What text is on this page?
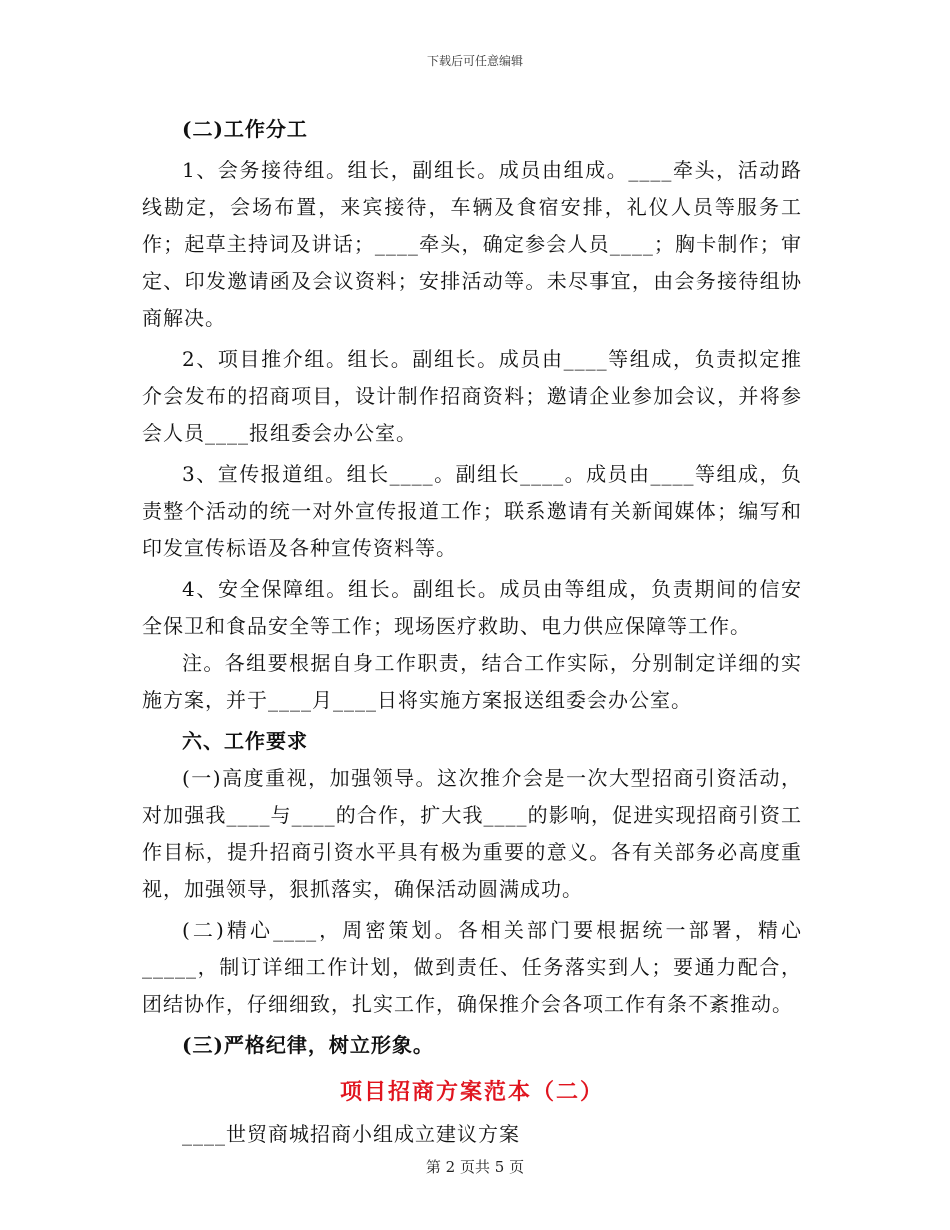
下载后可任意编辑

(二)工作分工

1、会务接待组。组长，副组长。成员由组成。____牵头，活动路线勘定，会场布置，来宾接待，车辆及食宿安排，礼仪人员等服务工作；起草主持词及讲话；____牵头，确定参会人员____；胸卡制作；审定、印发邀请函及会议资料；安排活动等。未尽事宜，由会务接待组协商解决。

2、项目推介组。组长。副组长。成员由____等组成，负责拟定推介会发布的招商项目，设计制作招商资料；邀请企业参加会议，并将参会人员____报组委会办公室。

3、宣传报道组。组长____。副组长____。成员由____等组成，负责整个活动的统一对外宣传报道工作；联系邀请有关新闻媒体；编写和印发宣传标语及各种宣传资料等。

4、安全保障组。组长。副组长。成员由等组成，负责期间的信安全保卫和食品安全等工作；现场医疗救助、电力供应保障等工作。

注。各组要根据自身工作职责，结合工作实际，分别制定详细的实施方案，并于____月____日将实施方案报送组委会办公室。

六、工作要求

(一)高度重视，加强领导。这次推介会是一次大型招商引资活动，对加强我____与____的合作，扩大我____的影响，促进实现招商引资工作目标，提升招商引资水平具有极为重要的意义。各有关部务必高度重视，加强领导，狠抓落实，确保活动圆满成功。

(二)精心____，周密策划。各相关部门要根据统一部署，精心_____，制订详细工作计划，做到责任、任务落实到人；要通力配合，团结协作，仔细细致，扎实工作，确保推介会各项工作有条不紊推动。

(三)严格纪律，树立形象。

项目招商方案范本（二）

____世贸商城招商小组成立建议方案

第 2 页共 5 页
